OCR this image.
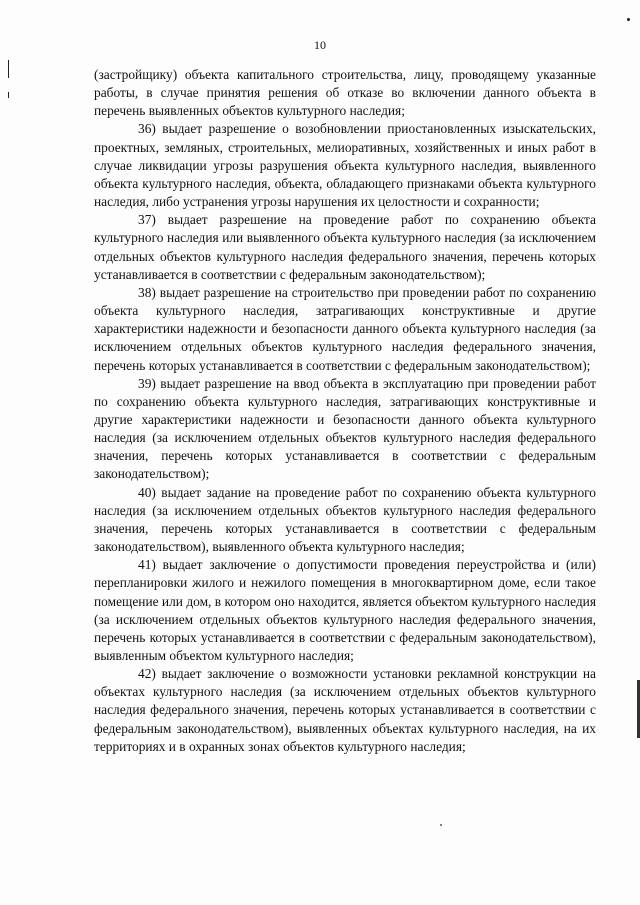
10

(застройщику) объекта капитального строительства, лицу, проводящему указанные работы, в случае принятия решения об отказе во включении данного объекта в перечень выявленных объектов культурного наследия;

36) выдает разрешение о возобновлении приостановленных изыскательских, проектных, земляных, строительных, мелиоративных, хозяйственных и иных работ в случае ликвидации угрозы разрушения объекта культурного наследия, выявленного объекта культурного наследия, объекта, обладающего признаками объекта культурного наследия, либо устранения угрозы нарушения их целостности и сохранности;

37) выдает разрешение на проведение работ по сохранению объекта культурного наследия или выявленного объекта культурного наследия (за исключением отдельных объектов культурного наследия федерального значения, перечень которых устанавливается в соответствии с федеральным законодательством);

38) выдает разрешение на строительство при проведении работ по сохранению объекта культурного наследия, затрагивающих конструктивные и другие характеристики надежности и безопасности данного объекта культурного наследия (за исключением отдельных объектов культурного наследия федерального значения, перечень которых устанавливается в соответствии с федеральным законодательством);

39) выдает разрешение на ввод объекта в эксплуатацию при проведении работ по сохранению объекта культурного наследия, затрагивающих конструктивные и другие характеристики надежности и безопасности данного объекта культурного наследия (за исключением отдельных объектов культурного наследия федерального значения, перечень которых устанавливается в соответствии с федеральным законодательством);

40) выдает задание на проведение работ по сохранению объекта культурного наследия (за исключением отдельных объектов культурного наследия федерального значения, перечень которых устанавливается в соответствии с федеральным законодательством), выявленного объекта культурного наследия;

41) выдает заключение о допустимости проведения переустройства и (или) перепланировки жилого и нежилого помещения в многоквартирном доме, если такое помещение или дом, в котором оно находится, является объектом культурного наследия (за исключением отдельных объектов культурного наследия федерального значения, перечень которых устанавливается в соответствии с федеральным законодательством), выявленным объектом культурного наследия;

42) выдает заключение о возможности установки рекламной конструкции на объектах культурного наследия (за исключением отдельных объектов культурного наследия федерального значения, перечень которых устанавливается в соответствии с федеральным законодательством), выявленных объектах культурного наследия, на их территориях и в охранных зонах объектов культурного наследия;
